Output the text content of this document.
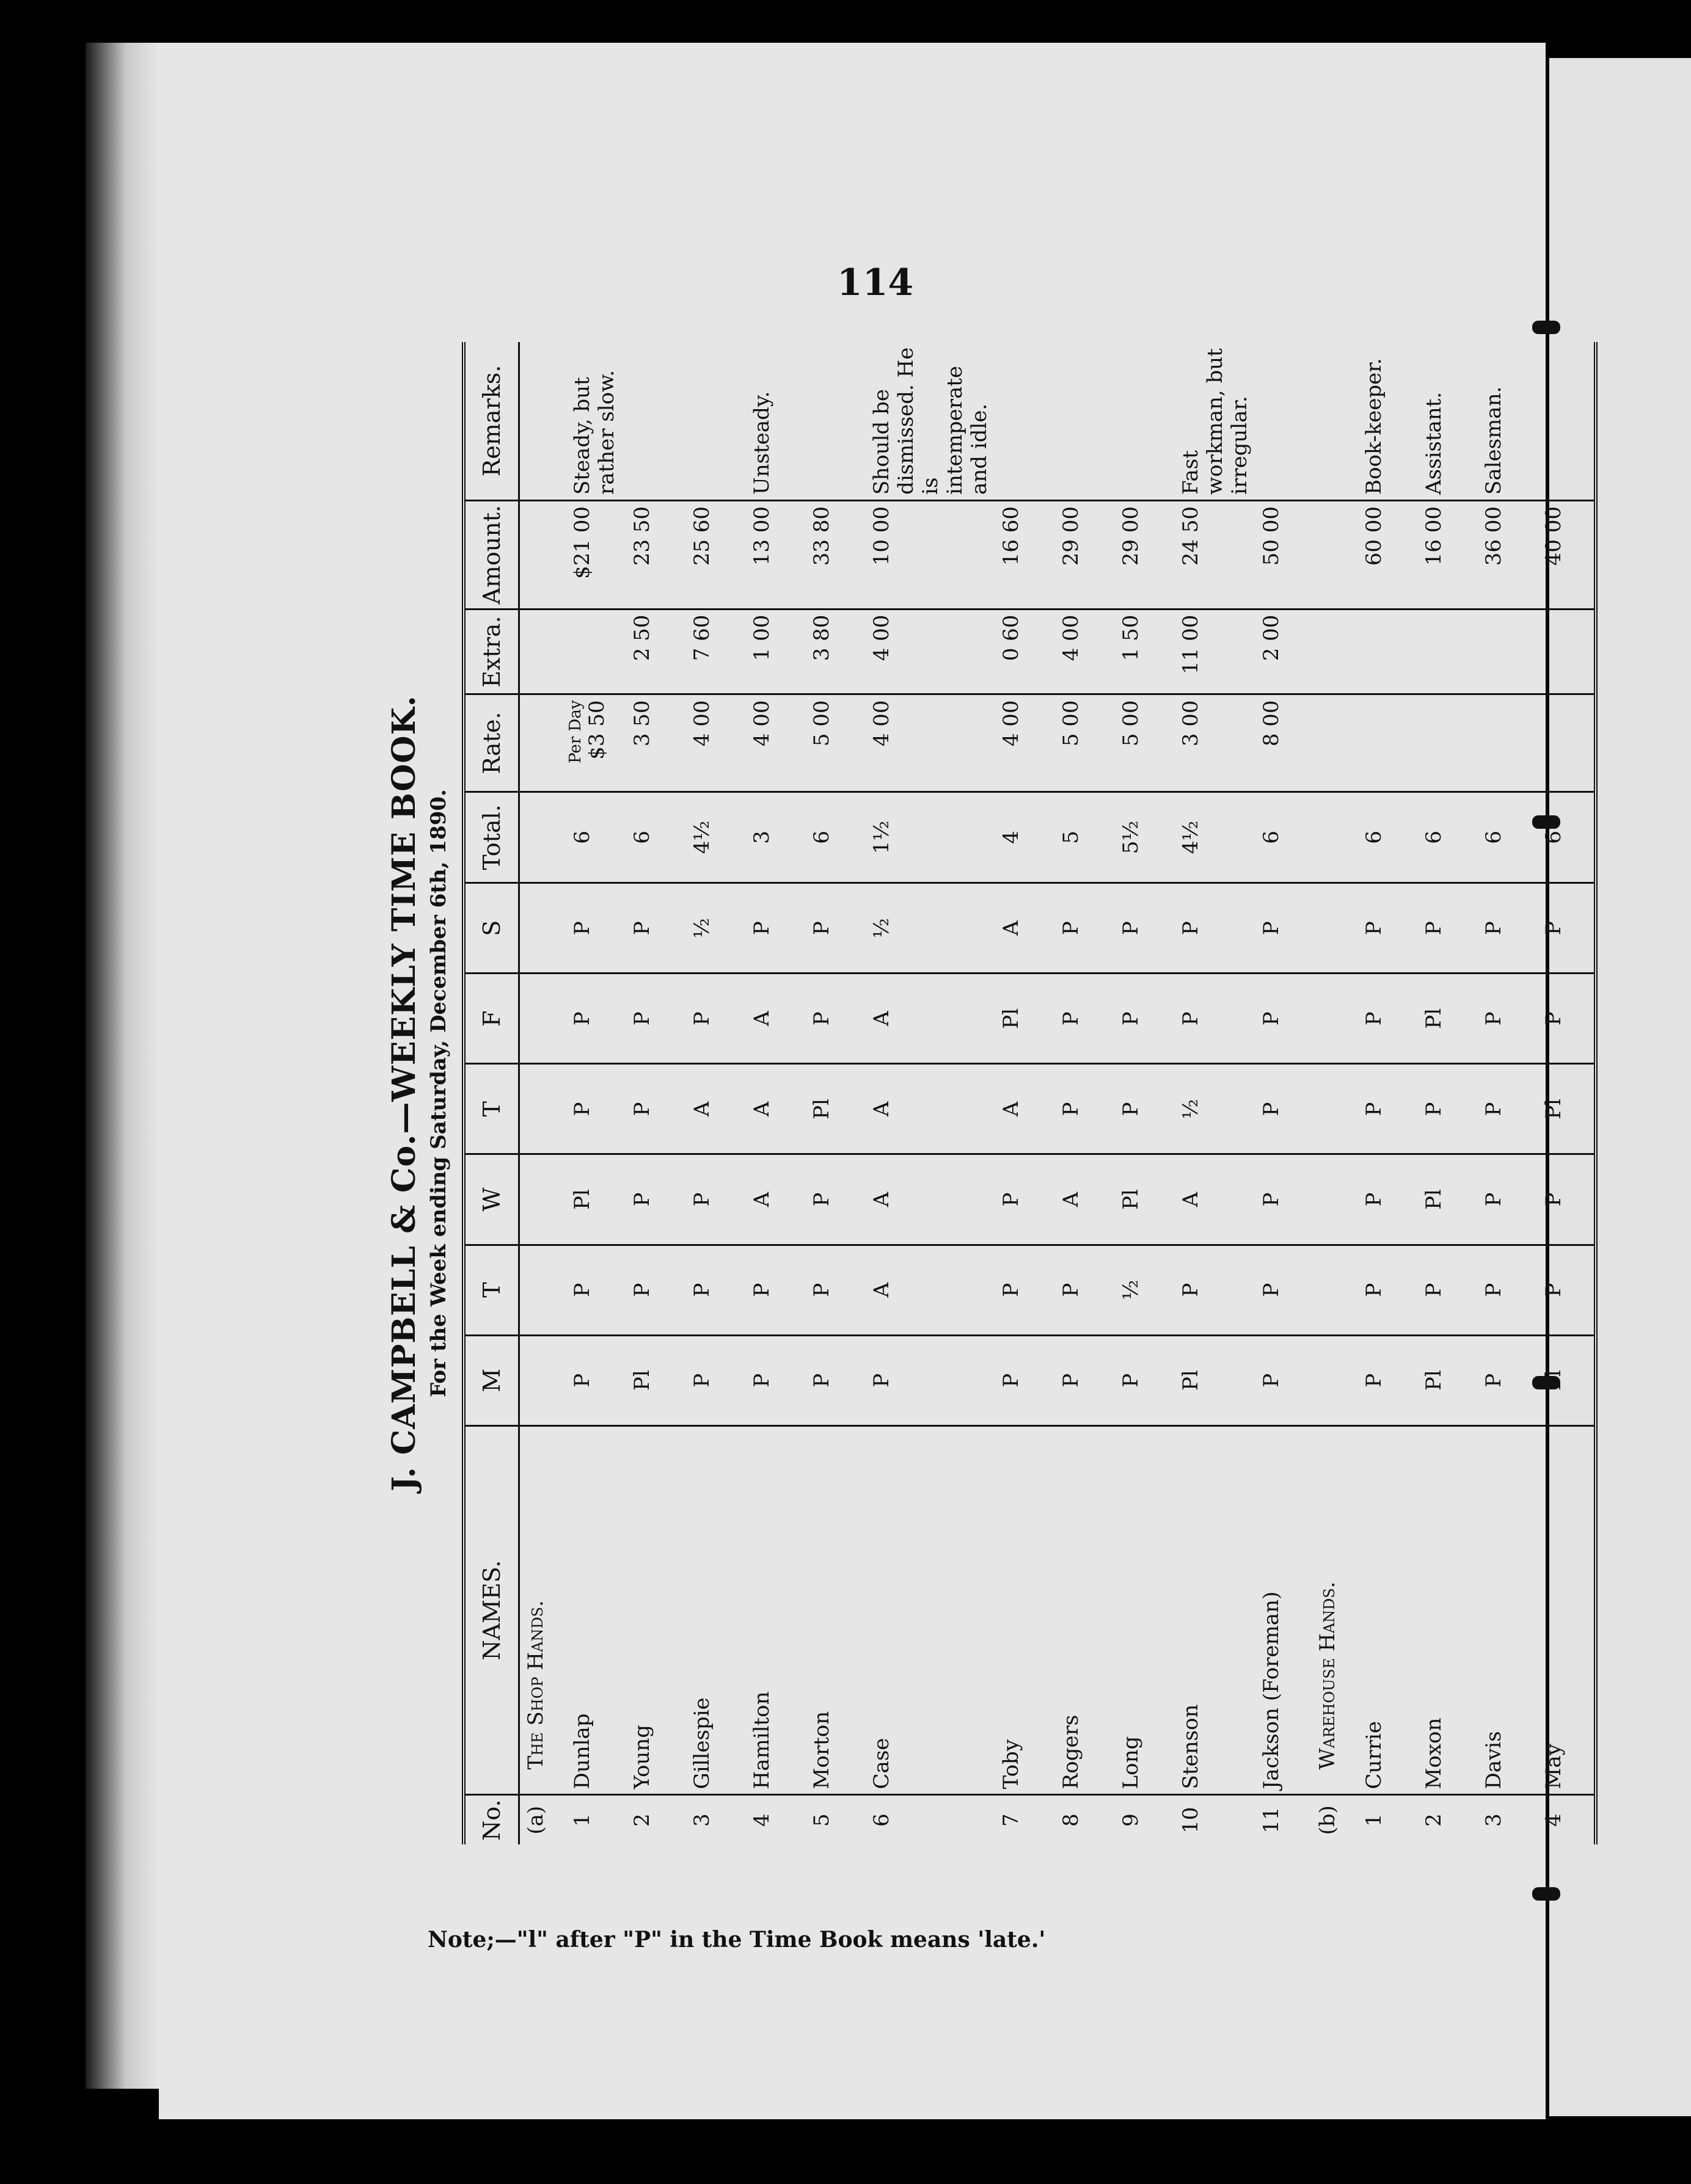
114
J. CAMPBELL & Co.—WEEKLY TIME BOOK. For the Week ending Saturday, December 6th, 1890.
No.	NAMES.	M	T	W	T	F	S	Total.	Rate.	Extra.	Amount.	Remarks.
(a)	The Shop Hands.											
1	Dunlap	P	P	Pl	P	P	P	6	Per Day $3 50		$21 00	Steady, but rather slow.
2	Young	Pl	P	P	P	P	P	6	3 50	2 50	23 50	
3	Gillespie	P	P	P	A	P	½	4½	4 00	7 60	25 60	
4	Hamilton	P	P	A	A	A	P	3	4 00	1 00	13 00	Unsteady.
5	Morton	P	P	P	Pl	P	P	6	5 00	3 80	33 80	
6	Case	P	A	A	A	A	½	1½	4 00	4 00	10 00	Should be dismissed. He is intemperate and idle.
7	Toby	P	P	P	A	Pl	A	4	4 00	0 60	16 60	
8	Rogers	P	P	A	P	P	P	5	5 00	4 00	29 00	
9	Long	P	½	Pl	P	P	P	5½	5 00	1 50	29 00	
10	Stenson	Pl	P	A	½	P	P	4½	3 00	11 00	24 50	Fast workman, but irregular.
11	Jackson (Foreman)	P	P	P	P	P	P	6	8 00	2 00	50 00	
(b)	Warehouse Hands.											
1	Currie	P	P	P	P	P	P	6			60 00	Book-keeper.
2	Moxon	Pl	P	Pl	P	Pl	P	6			16 00	Assistant.
3	Davis	P	P	P	P	P	P	6			36 00	Salesman.
4	May	Pl	P	P	Pl	P	P	6			40 00	
Note;—"l" after "P" in the Time Book means 'late.'
